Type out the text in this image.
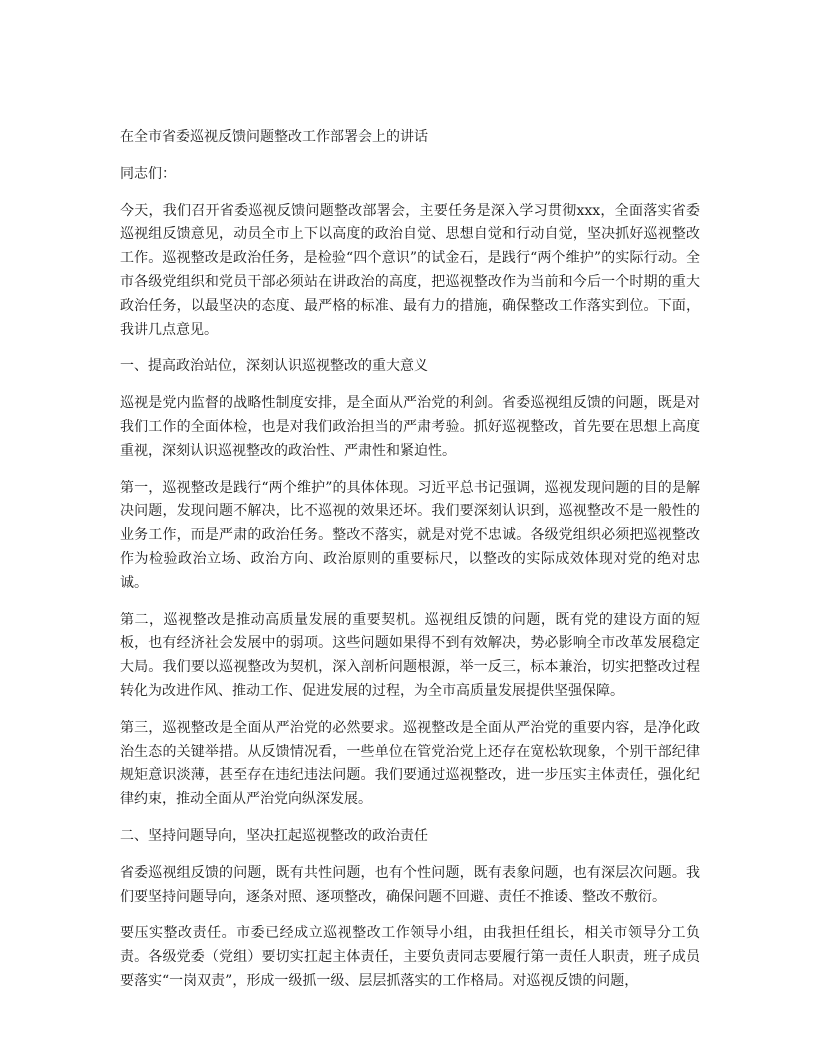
在全市省委巡视反馈问题整改工作部署会上的讲话

同志们：

今天，我们召开省委巡视反馈问题整改部署会，主要任务是深入学习贯彻xxx，全面落实省委巡视组反馈意见，动员全市上下以高度的政治自觉、思想自觉和行动自觉，坚决抓好巡视整改工作。巡视整改是政治任务，是检验“四个意识”的试金石，是践行“两个维护”的实际行动。全市各级党组织和党员干部必须站在讲政治的高度，把巡视整改作为当前和今后一个时期的重大政治任务，以最坚决的态度、最严格的标准、最有力的措施，确保整改工作落实到位。下面，我讲几点意见。

一、提高政治站位，深刻认识巡视整改的重大意义

巡视是党内监督的战略性制度安排，是全面从严治党的利剑。省委巡视组反馈的问题，既是对我们工作的全面体检，也是对我们政治担当的严肃考验。抓好巡视整改，首先要在思想上高度重视，深刻认识巡视整改的政治性、严肃性和紧迫性。

第一，巡视整改是践行“两个维护”的具体体现。习近平总书记强调，巡视发现问题的目的是解决问题，发现问题不解决，比不巡视的效果还坏。我们要深刻认识到，巡视整改不是一般性的业务工作，而是严肃的政治任务。整改不落实，就是对党不忠诚。各级党组织必须把巡视整改作为检验政治立场、政治方向、政治原则的重要标尺，以整改的实际成效体现对党的绝对忠诚。

第二，巡视整改是推动高质量发展的重要契机。巡视组反馈的问题，既有党的建设方面的短板，也有经济社会发展中的弱项。这些问题如果得不到有效解决，势必影响全市改革发展稳定大局。我们要以巡视整改为契机，深入剖析问题根源，举一反三，标本兼治，切实把整改过程转化为改进作风、推动工作、促进发展的过程，为全市高质量发展提供坚强保障。

第三，巡视整改是全面从严治党的必然要求。巡视整改是全面从严治党的重要内容，是净化政治生态的关键举措。从反馈情况看，一些单位在管党治党上还存在宽松软现象，个别干部纪律规矩意识淡薄，甚至存在违纪违法问题。我们要通过巡视整改，进一步压实主体责任，强化纪律约束，推动全面从严治党向纵深发展。

二、坚持问题导向，坚决扛起巡视整改的政治责任

省委巡视组反馈的问题，既有共性问题，也有个性问题，既有表象问题，也有深层次问题。我们要坚持问题导向，逐条对照、逐项整改，确保问题不回避、责任不推诿、整改不敷衍。

要压实整改责任。市委已经成立巡视整改工作领导小组，由我担任组长，相关市领导分工负责。各级党委（党组）要切实扛起主体责任，主要负责同志要履行第一责任人职责，班子成员要落实“一岗双责”，形成一级抓一级、层层抓落实的工作格局。对巡视反馈的问题，
